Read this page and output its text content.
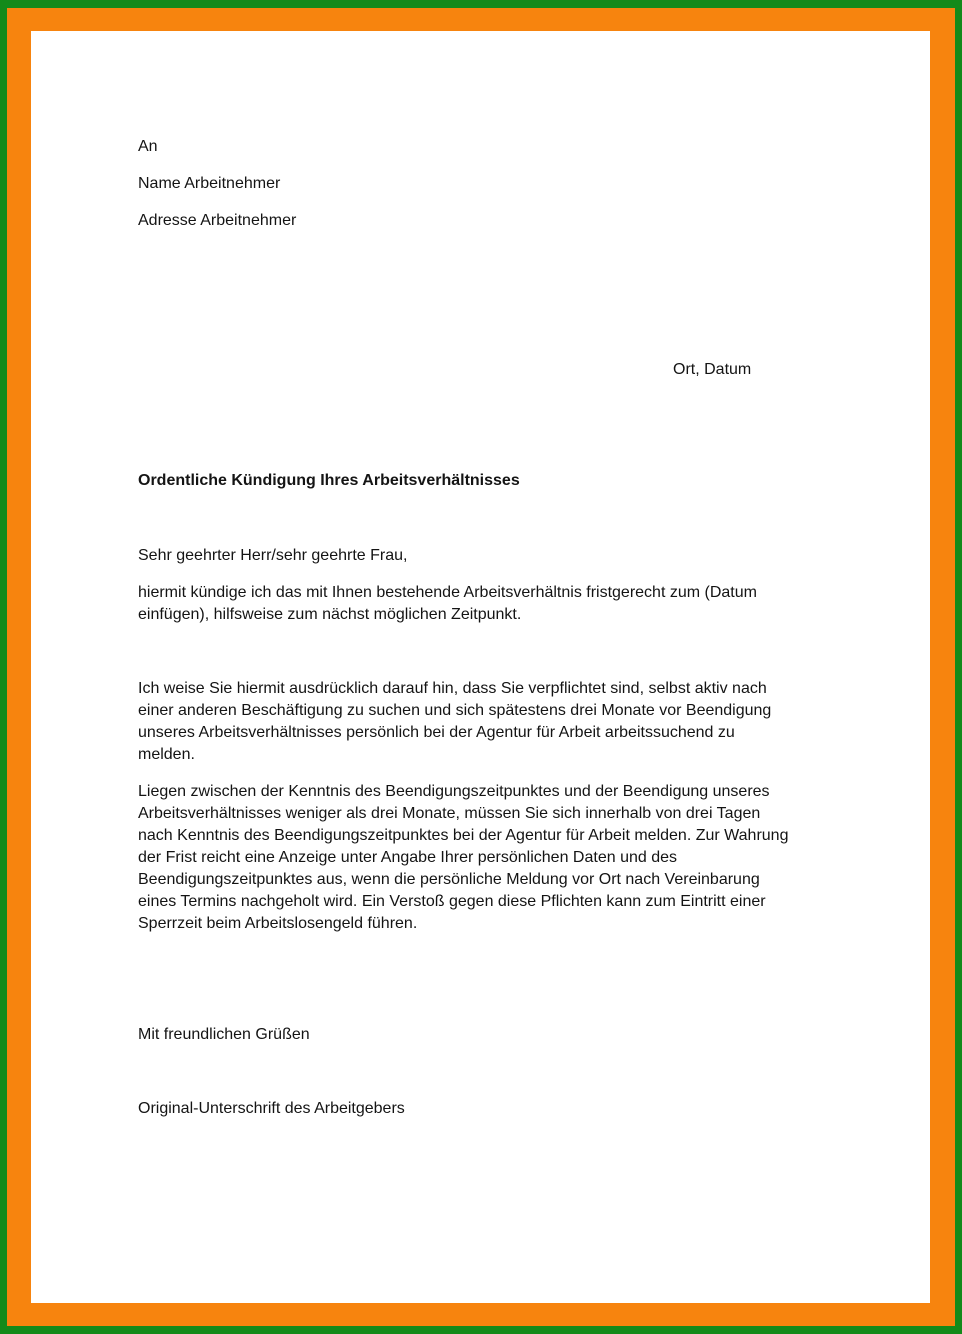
An

Name Arbeitnehmer

Adresse Arbeitnehmer

Ort, Datum

Ordentliche Kündigung Ihres Arbeitsverhältnisses

Sehr geehrter Herr/sehr geehrte Frau,

hiermit kündige ich das mit Ihnen bestehende Arbeitsverhältnis fristgerecht zum (Datum
einfügen), hilfsweise zum nächst möglichen Zeitpunkt.
Ich weise Sie hiermit ausdrücklich darauf hin, dass Sie verpflichtet sind, selbst aktiv nach
einer anderen Beschäftigung zu suchen und sich spätestens drei Monate vor Beendigung
unseres Arbeitsverhältnisses persönlich bei der Agentur für Arbeit arbeitssuchend zu
melden.
Liegen zwischen der Kenntnis des Beendigungszeitpunktes und der Beendigung unseres
Arbeitsverhältnisses weniger als drei Monate, müssen Sie sich innerhalb von drei Tagen
nach Kenntnis des Beendigungszeitpunktes bei der Agentur für Arbeit melden. Zur Wahrung
der Frist reicht eine Anzeige unter Angabe Ihrer persönlichen Daten und des
Beendigungszeitpunktes aus, wenn die persönliche Meldung vor Ort nach Vereinbarung
eines Termins nachgeholt wird. Ein Verstoß gegen diese Pflichten kann zum Eintritt einer
Sperrzeit beim Arbeitslosengeld führen.

Mit freundlichen Grüßen

Original-Unterschrift des Arbeitgebers
